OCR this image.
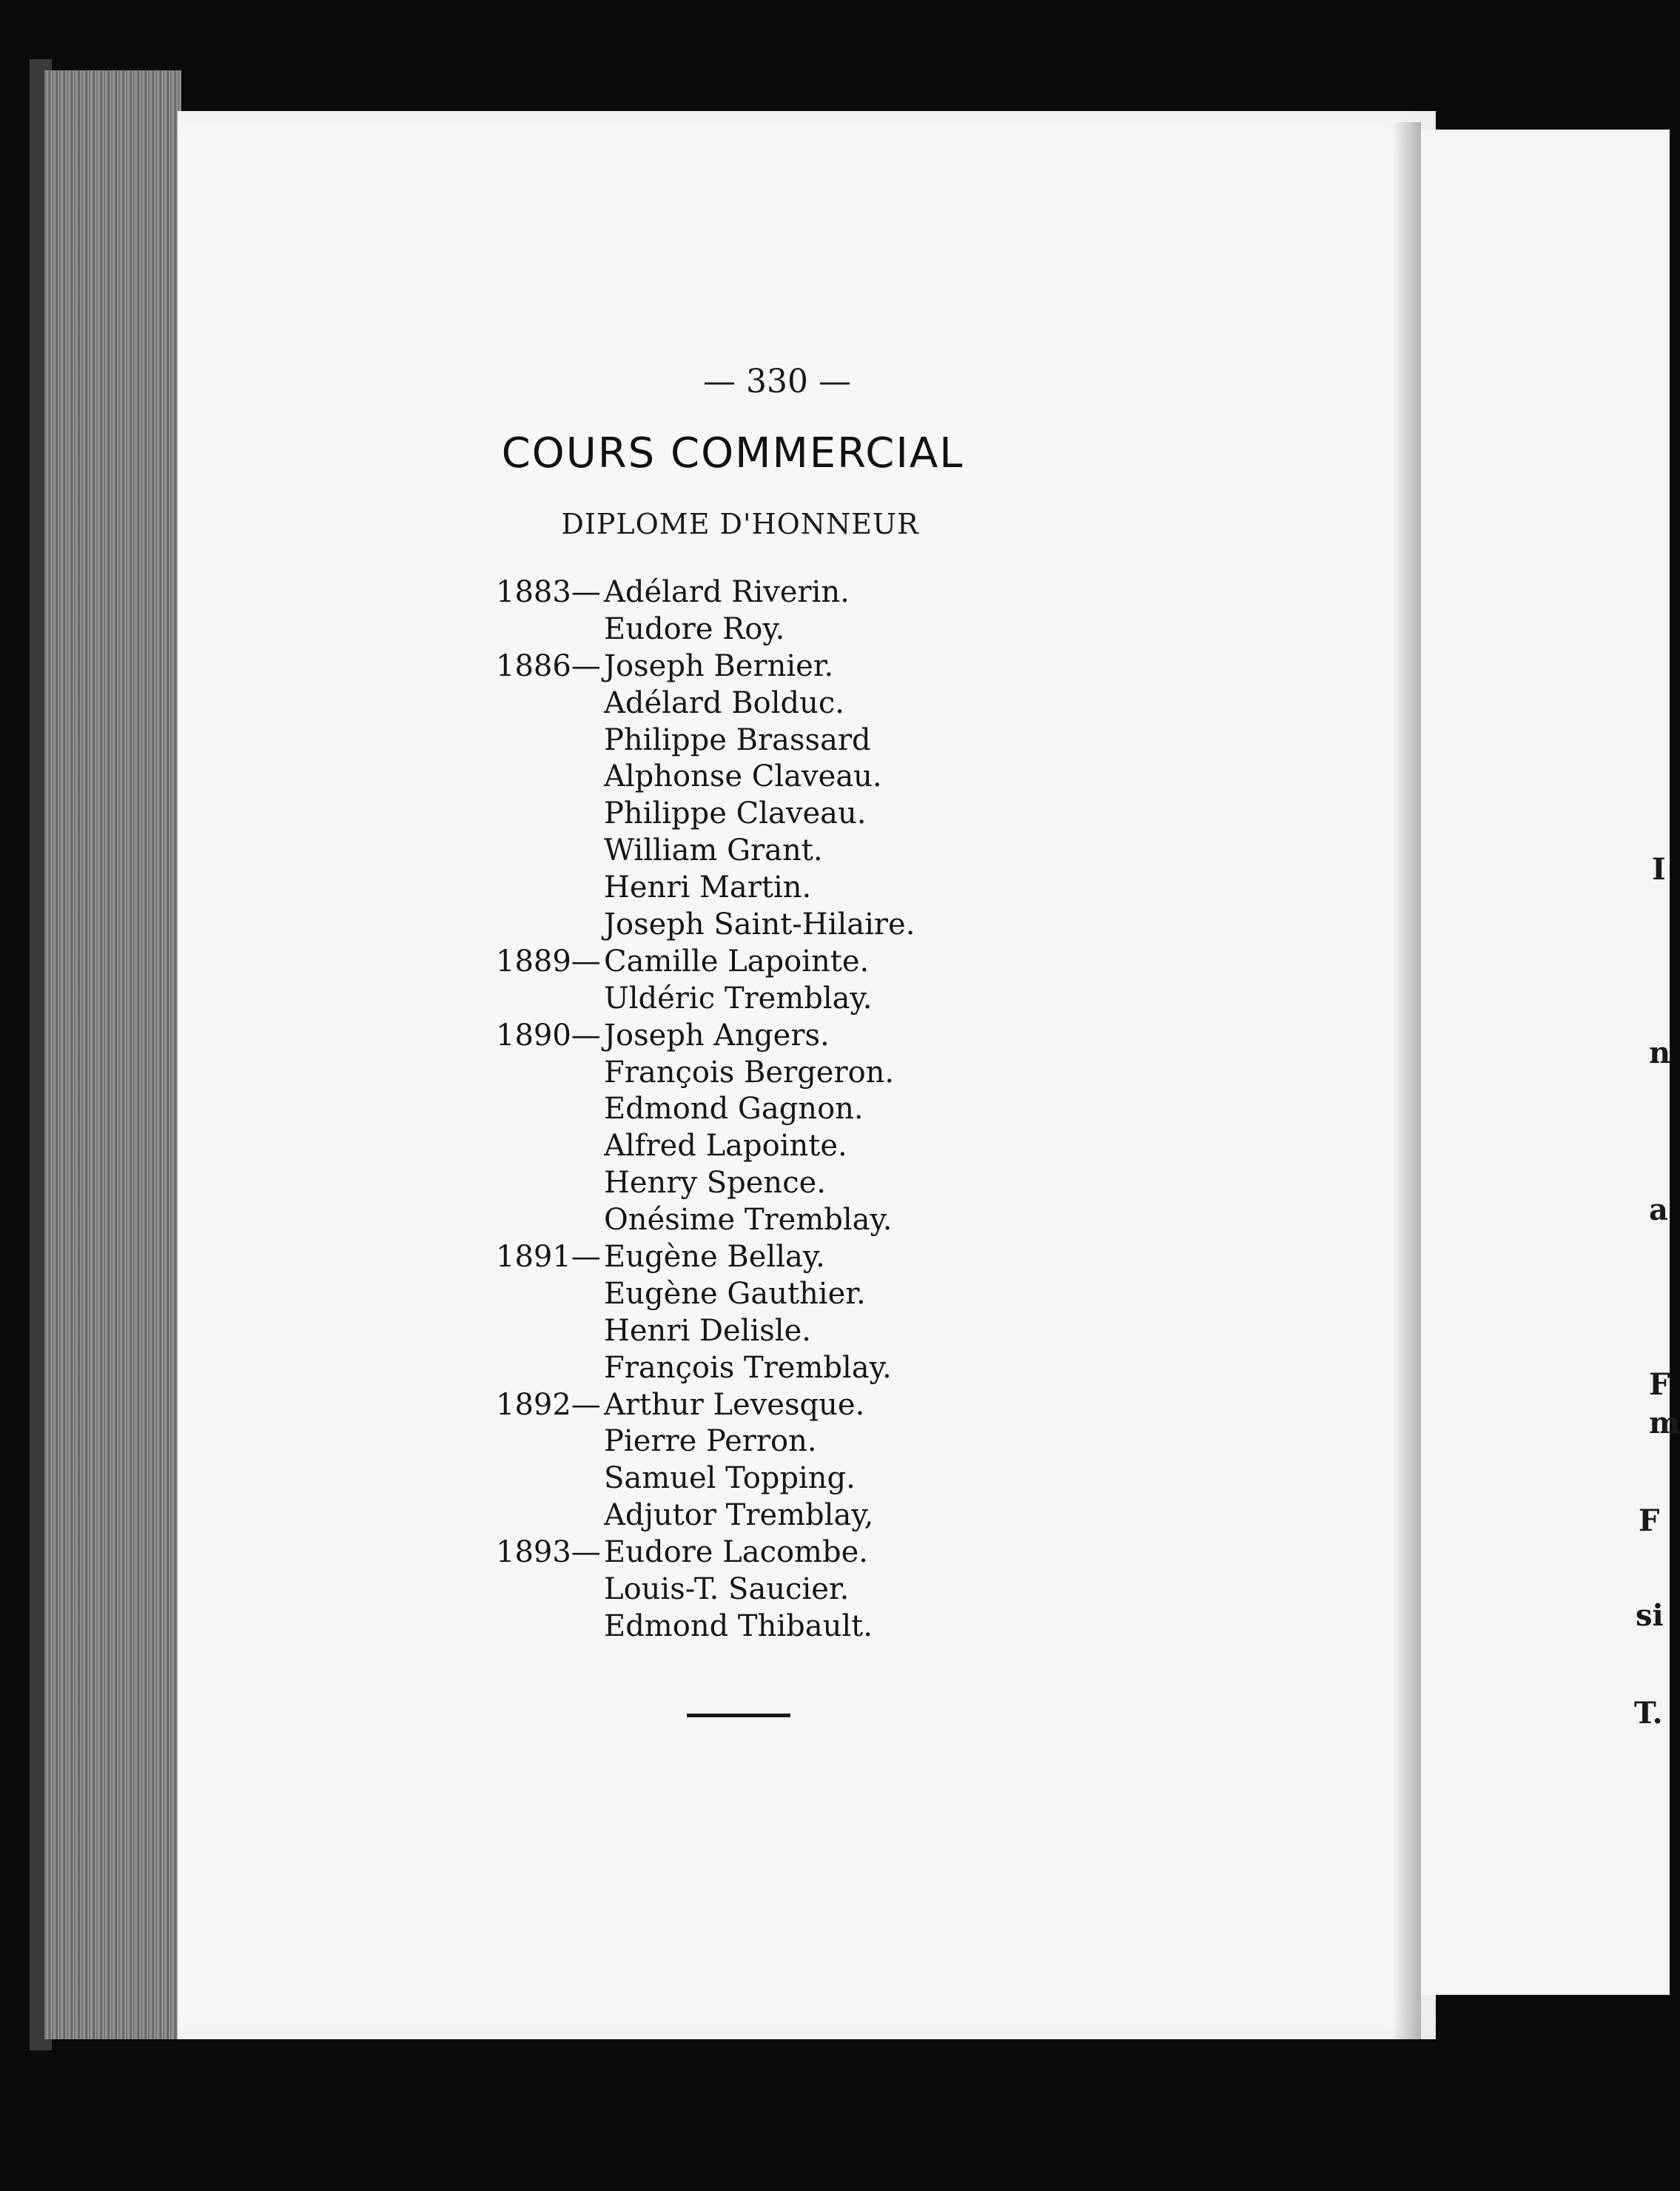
I
n
a
F
m
F
si
T.
— 330 —
COURS COMMERCIAL
DIPLOME D'HONNEUR
1883— Adélard Riverin.
Eudore Roy.
1886— Joseph Bernier.
Adélard Bolduc.
Philippe Brassard
Alphonse Claveau.
Philippe Claveau.
William Grant.
Henri Martin.
Joseph Saint-Hilaire.
1889— Camille Lapointe.
Uldéric Tremblay.
1890— Joseph Angers.
François Bergeron.
Edmond Gagnon.
Alfred Lapointe.
Henry Spence.
Onésime Tremblay.
1891— Eugène Bellay.
Eugène Gauthier.
Henri Delisle.
François Tremblay.
1892— Arthur Levesque.
Pierre Perron.
Samuel Topping.
Adjutor Tremblay,
1893— Eudore Lacombe.
Louis-T. Saucier.
Edmond Thibault.
